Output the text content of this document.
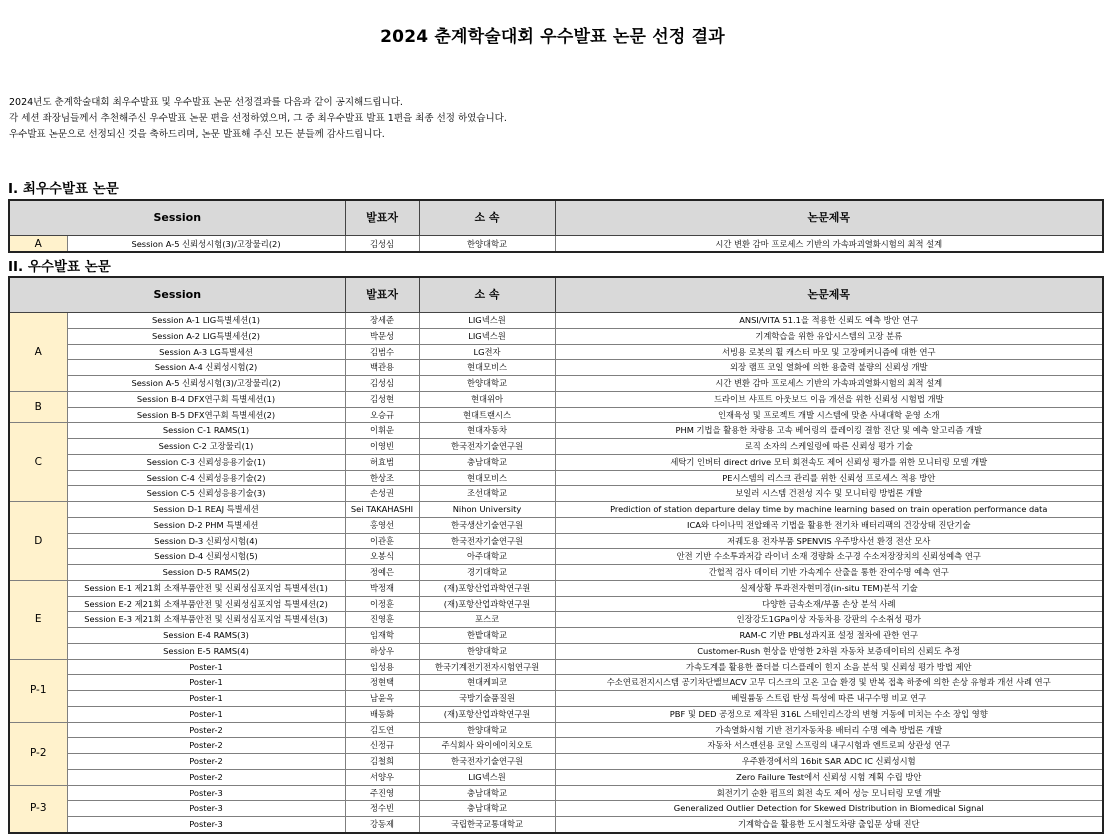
2024 춘계학술대회 우수발표 논문 선정 결과
2024년도 춘계학술대회 최우수발표 및 우수발표 논문 선정결과를 다음과 같이 공지해드립니다.
각 세션 좌장님들께서 추천해주신 우수발표 논문 편을 선정하였으며, 그 중 최우수발표 발표 1편을 최종 선정 하였습니다.
우수발표 논문으로 선정되신 것을 축하드리며, 논문 발표해 주신 모든 분들께 감사드립니다.
I. 최우수발표 논문
Session		발표자	소 속	논문제목
A	Session A-5 신뢰성시험(3)/고장물리(2)	김성심	한양대학교	시간 변환 감마 프로세스 기반의 가속파괴열화시험의 최적 설계
II. 우수발표 논문
Session		발표자	소 속	논문제목
A	Session A-1 LIG특별세션(1)	장세준	LIG넥스원	ANSI/VITA 51.1을 적용한 신뢰도 예측 방안 연구
	Session A-2 LIG특별세션(2)	박문성	LIG넥스원	기계학습을 위한 유압시스템의 고장 분류
	Session A-3 LG특별세션	김범수	LG전자	서빙용 로봇의 휠 캐스터 마모 및 고장메커니즘에 대한 연구
	Session A-4 신뢰성시험(2)	백관용	현대모비스	외장 램프 코일 열화에 의한 용출력 불량의 신뢰성 개발
	Session A-5 신뢰성시험(3)/고장물리(2)	김성심	한양대학교	시간 변환 감마 프로세스 기반의 가속파괴열화시험의 최적 설계
B	Session B-4 DFX연구회 특별세션(1)	김성현	현대위아	드라이브 샤프트 아웃보드 이음 개선을 위한 신뢰성 시험법 개발
	Session B-5 DFX연구회 특별세션(2)	오승규	현대트랜시스	인재육성 및 프로젝트 개발 시스템에 맞춘 사내대학 운영 소개
C	Session C-1 RAMS(1)	이휘운	현대자동차	PHM 기법을 활용한 차량용 고속 베어링의 플레이킹 결함 진단 및 예측 알고리즘 개발
	Session C-2 고장물리(1)	이영빈	한국전자기술연구원	로직 소자의 스케일링에 따른 신뢰성 평가 기술
	Session C-3 신뢰성응용기술(1)	허효범	충남대학교	세탁기 인버터 direct drive 모터 회전속도 제어 신뢰성 평가를 위한 모니터링 모델 개발
	Session C-4 신뢰성응용기술(2)	한상조	현대모비스	PE시스템의 리스크 관리를 위한 신뢰성 프로세스 적용 방안
	Session C-5 신뢰성응용기술(3)	손성권	조선대학교	보일러 시스템 건전성 지수 및 모니터링 방법론 개발
D	Session D-1 REAJ 특별세션	Sei TAKAHASHI	Nihon University	Prediction of station departure delay time by machine learning based on train operation performance data
	Session D-2 PHM 특별세션	홍영선	한국생산기술연구원	ICA와 다이나믹 전압왜곡 기법을 활용한 전기차 배터리팩의 건강상태 진단기술
	Session D-3 신뢰성시험(4)	이관훈	한국전자기술연구원	저궤도용 전자부품 SPENVIS 우주방사선 환경 전산 모사
	Session D-4 신뢰성시험(5)	오봉식	아주대학교	안전 기반 수소투과저감 라이너 소재 경량화 소구경 수소저장장치의 신뢰성예측 연구
	Session D-5 RAMS(2)	정예은	경기대학교	간헐적 검사 데이터 기반 가속계수 산출을 통한 잔여수명 예측 연구
E	Session E-1 제21회 소재부품안전 및 신뢰성심포지엄 특별세션(1)	박정재	(재)포항산업과학연구원	실제상황 투과전자현미경(in-situ TEM)분석 기술
	Session E-2 제21회 소재부품안전 및 신뢰성심포지엄 특별세션(2)	이정훈	(재)포항산업과학연구원	다양한 금속소재/부품 손상 분석 사례
	Session E-3 제21회 소재부품안전 및 신뢰성심포지엄 특별세션(3)	진영훈	포스코	인장강도1GPa이상 자동차용 강판의 수소취성 평가
	Session E-4 RAMS(3)	임재학	한밭대학교	RAM-C 기반 PBL성과지표 설정 절차에 관한 연구
	Session E-5 RAMS(4)	하상우	한양대학교	Customer-Rush 현상을 반영한 2차원 자동차 보증데이터의 신뢰도 추정
P-1	Poster-1	임성용	한국기계전기전자시험연구원	가속도계를 활용한 폴더블 디스플레이 힌지 소음 분석 및 신뢰성 평가 방법 제안
	Poster-1	정현택	현대케피코	수소연료전지시스템 공기차단밸브ACV 고무 디스크의 고온 고습 환경 및 반복 접촉 하중에 의한 손상 유형과 개선 사례 연구
	Poster-1	남윤옥	국방기술품질원	베릴륨동 스트립 탄성 특성에 따른 내구수명 비교 연구
	Poster-1	배동화	(재)포항산업과학연구원	PBF 및 DED 공정으로 제작된 316L 스테인리스강의 변형 거동에 미치는 수소 장입 영향
P-2	Poster-2	김도연	한양대학교	가속열화시험 기반 전기자동차용 배터리 수명 예측 방법론 개발
	Poster-2	신정규	주식회사 와이에이치오토	자동차 서스펜션용 코일 스프링의 내구시험과 엔트로피 상관성 연구
	Poster-2	김철희	한국전자기술연구원	우주환경에서의 16bit SAR ADC IC 신뢰성시험
	Poster-2	서양우	LIG넥스원	Zero Failure Test에서 신뢰성 시험 계획 수립 방안
P-3	Poster-3	주진영	충남대학교	회전기기 순환 펌프의 회전 속도 제어 성능 모니터링 모델 개발
	Poster-3	정수빈	충남대학교	Generalized Outlier Detection for Skewed Distribution in Biomedical Signal
	Poster-3	강동제	국립한국교통대학교	기계학습을 활용한 도시철도차량 출입문 상태 진단
